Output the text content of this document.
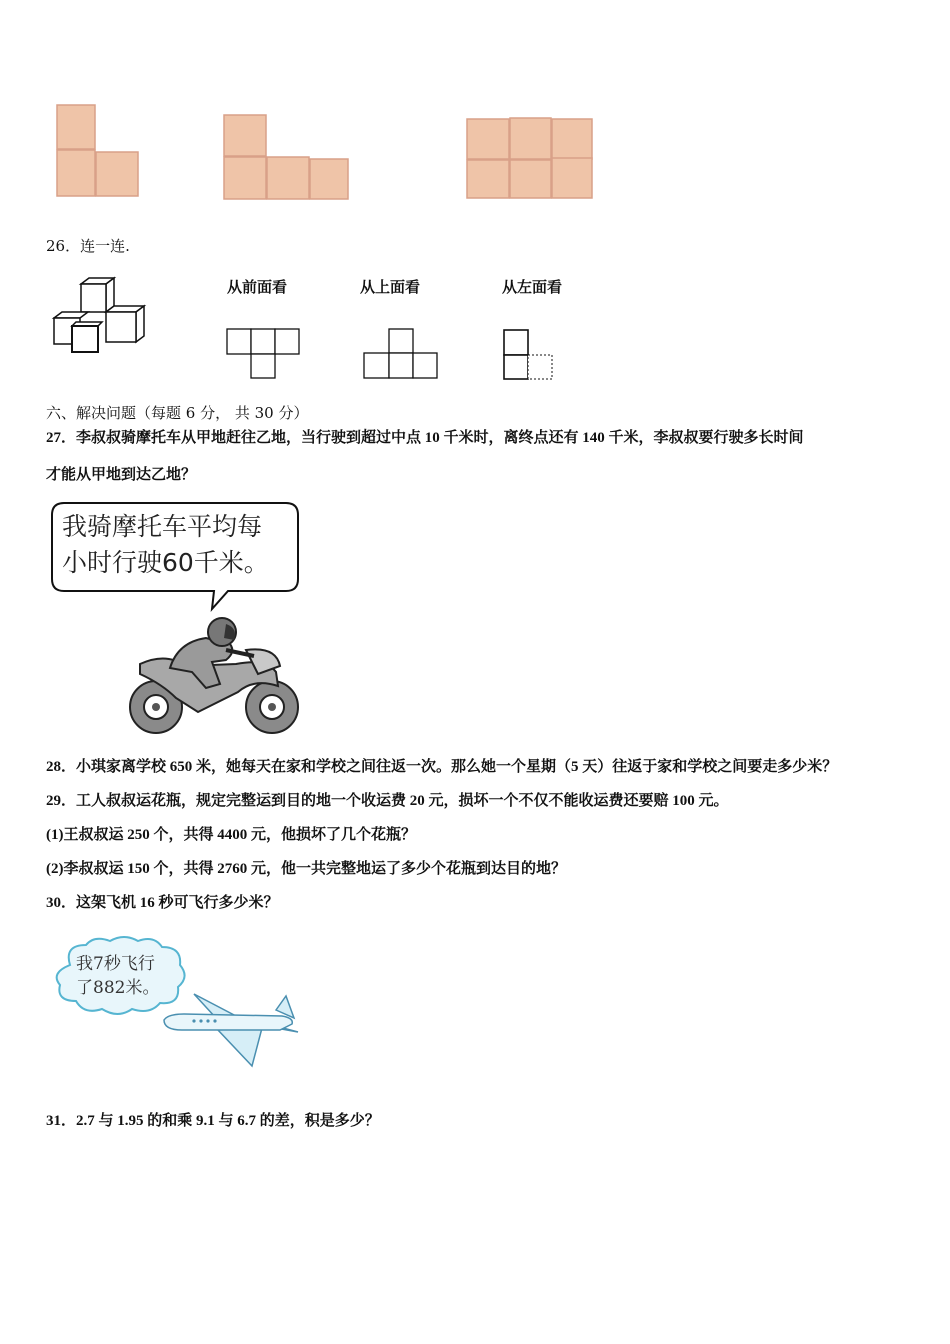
26．连一连.
从前面看	从上面看	从左面看
六、解决问题（每题 6 分， 共 30 分）
27．李叔叔骑摩托车从甲地赶往乙地，当行驶到超过中点 10 千米时，离终点还有 140 千米，李叔叔要行驶多长时间
才能从甲地到达乙地？
我骑摩托车平均每
小时行驶60千米。
28．小琪家离学校 650 米，她每天在家和学校之间往返一次。那么她一个星期（5 天）往返于家和学校之间要走多少米？
29．工人叔叔运花瓶，规定完整运到目的地一个收运费 20 元，损坏一个不仅不能收运费还要赔 100 元。
(1)王叔叔运 250 个，共得 4400 元，他损坏了几个花瓶？
(2)李叔叔运 150 个，共得 2760 元，他一共完整地运了多少个花瓶到达目的地？
30．这架飞机 16 秒可飞行多少米？
我7秒飞行
了882米。
31．2.7 与 1.95 的和乘 9.1 与 6.7 的差，积是多少？
